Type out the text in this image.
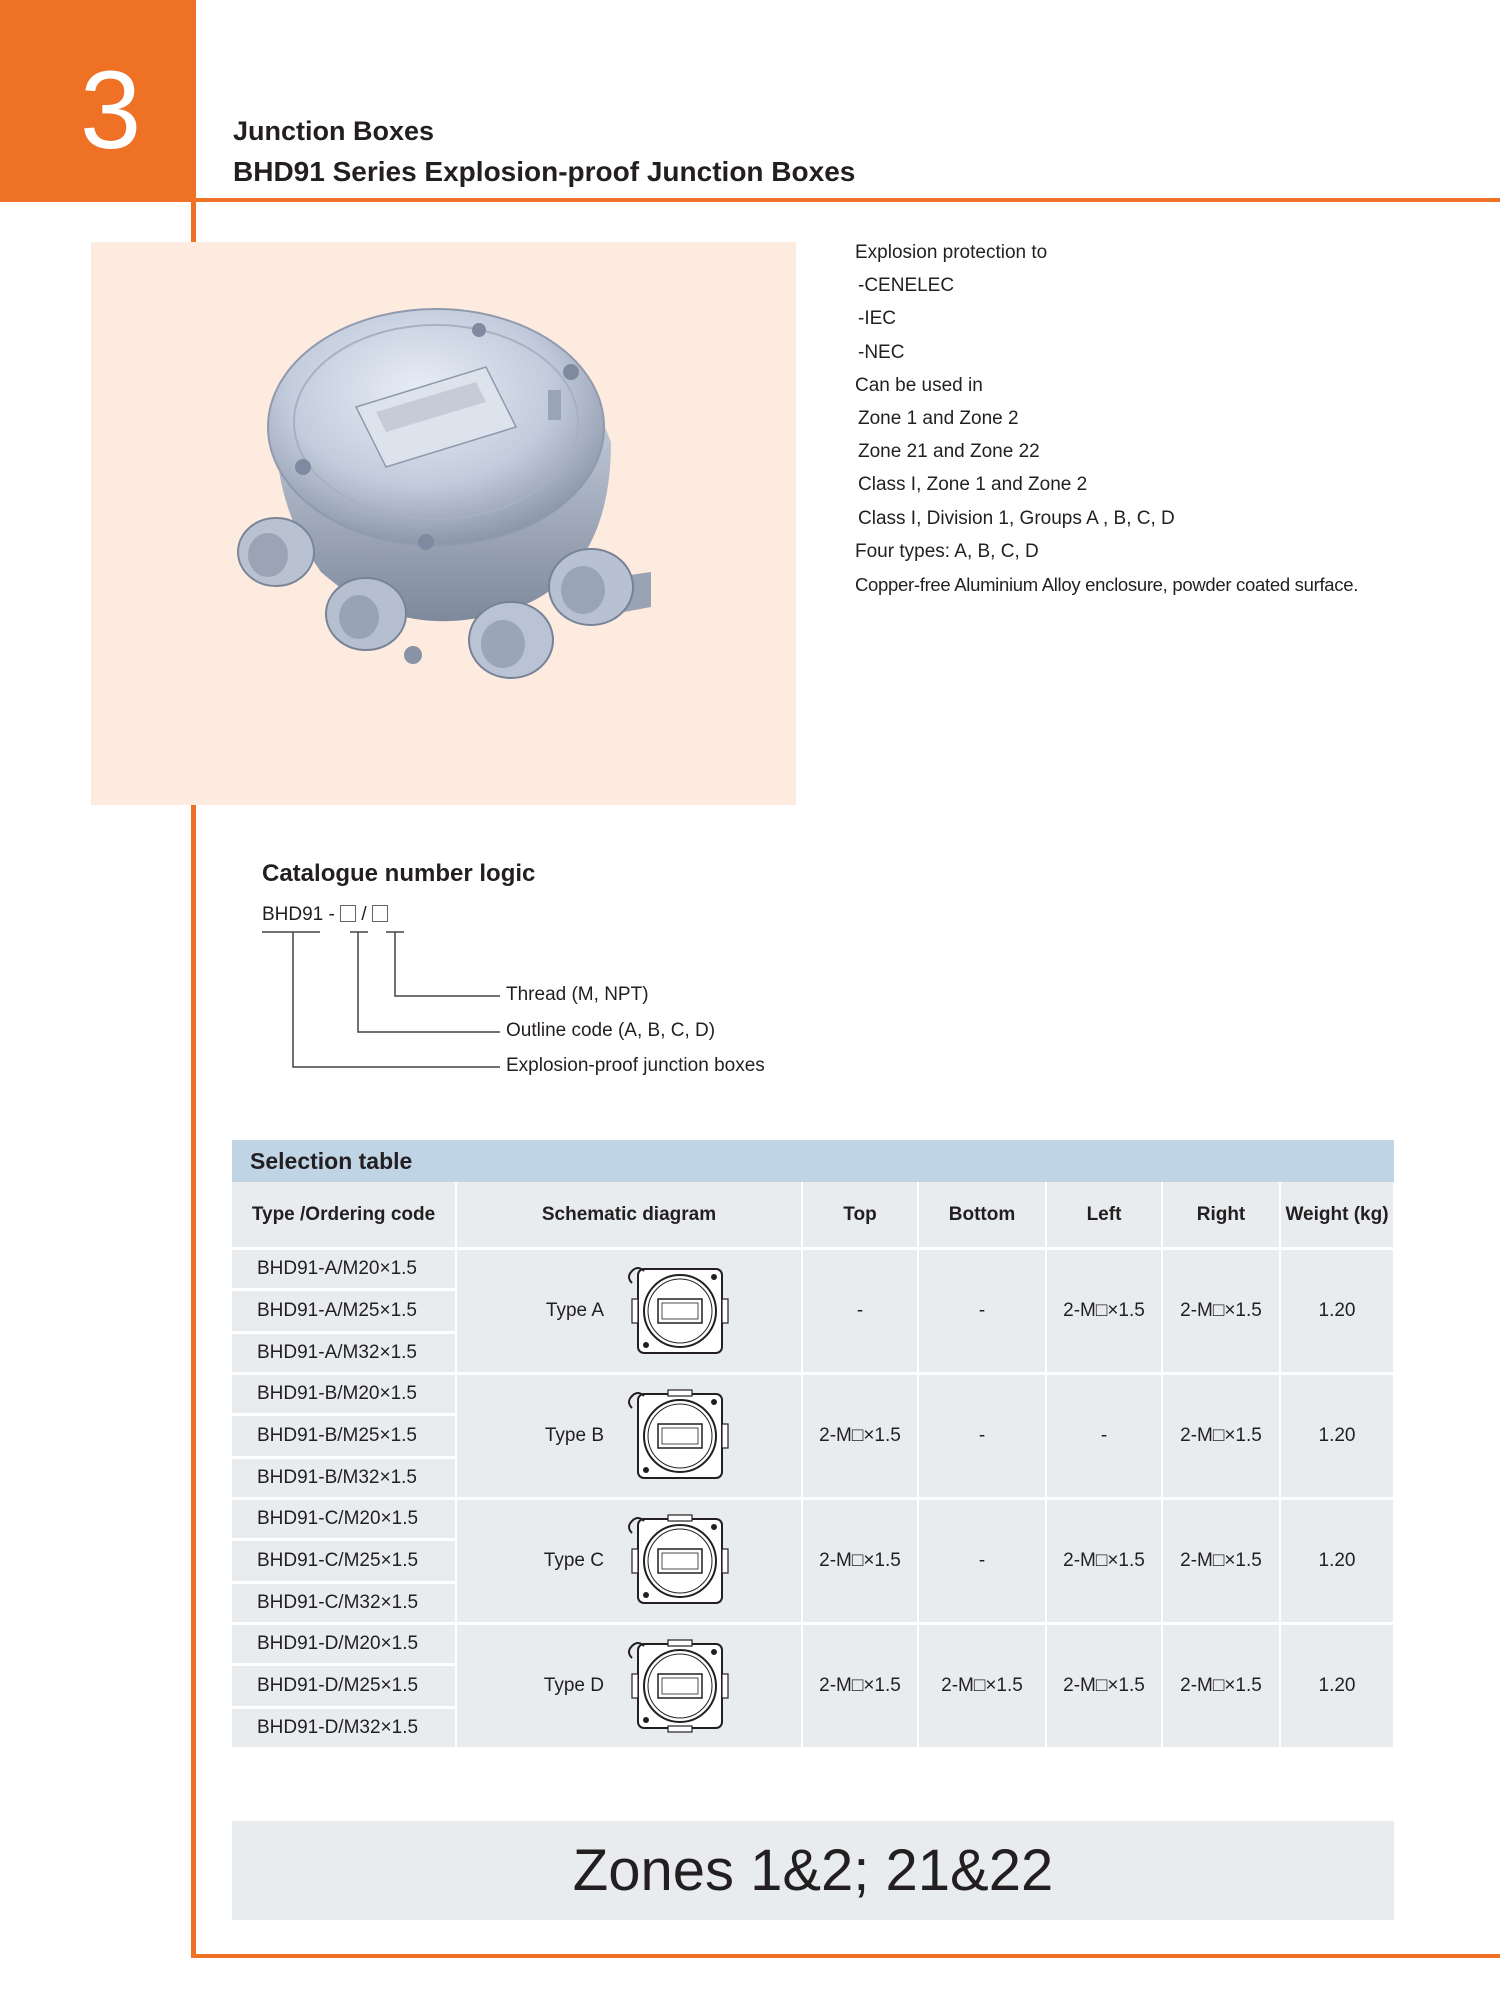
3	Junction Boxes
BHD91 Series Explosion-proof Junction Boxes
Explosion protection to
-CENELEC
-IEC
-NEC
Can be used in
Zone 1 and Zone 2
Zone 21 and Zone 22
Class I, Zone 1 and Zone 2
Class I, Division 1, Groups A , B, C, D
Four types: A, B, C, D
Copper-free Aluminium Alloy enclosure, powder coated surface.
Catalogue number logic
BHD91 - /
Thread (M, NPT)
Outline code (A, B, C, D)
Explosion-proof junction boxes
Selection table
Type /Ordering code	Schematic diagram	Top	Bottom	Left	Right	Weight (kg)
BHD91-A/M20×1.5	Type A	-	-	2-M□×1.5	2-M□×1.5	1.20
BHD91-A/M25×1.5						
BHD91-A/M32×1.5						
BHD91-B/M20×1.5	Type B	2-M□×1.5	-	-	2-M□×1.5	1.20
BHD91-B/M25×1.5						
BHD91-B/M32×1.5						
BHD91-C/M20×1.5	Type C	2-M□×1.5	-	2-M□×1.5	2-M□×1.5	1.20
BHD91-C/M25×1.5						
BHD91-C/M32×1.5						
BHD91-D/M20×1.5	Type D	2-M□×1.5	2-M□×1.5	2-M□×1.5	2-M□×1.5	1.20
BHD91-D/M25×1.5						
BHD91-D/M32×1.5						
Zones 1&2; 21&22
